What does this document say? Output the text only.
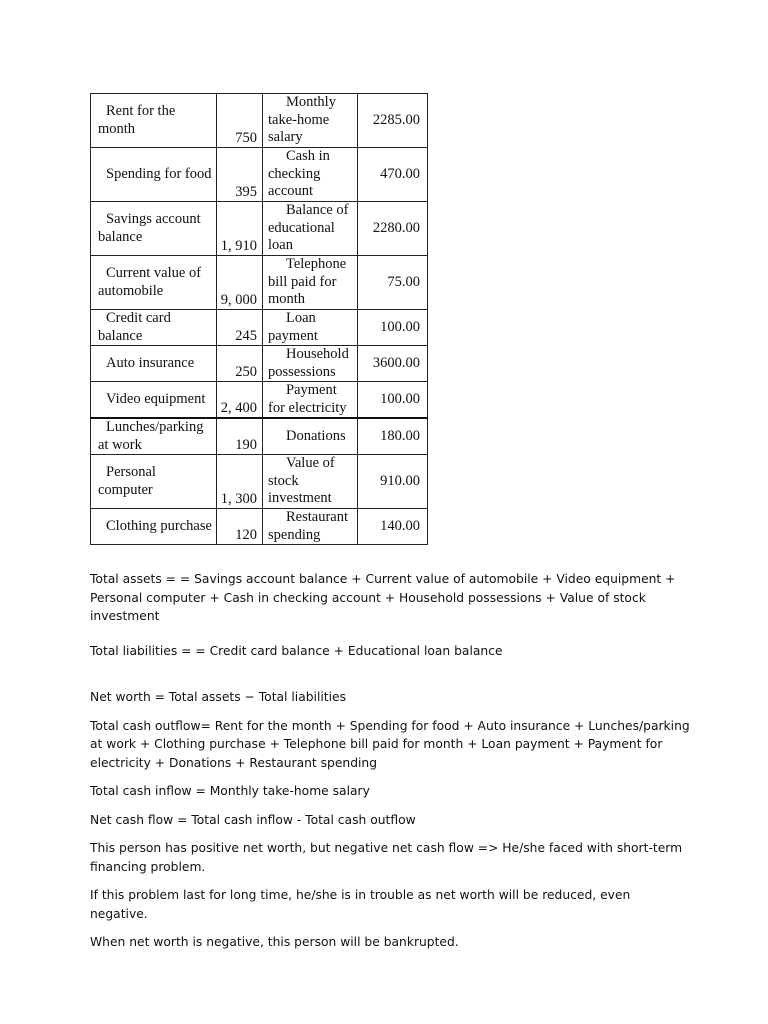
Rent for the month	750	Monthly take-home salary	2285.00

Spending for food	395	Cash in checking account	470.00

Savings account balance	1, 910	Balance of educational loan	2280.00

Current value of automobile	9, 000	Telephone bill paid for month	75.00

Credit card balance	245	Loan payment	100.00

Auto insurance	250	Household possessions	3600.00

Video equipment	2, 400	Payment for electricity	100.00

Lunches/parking at work	190	Donations	180.00

Personal computer	1, 300	Value of stock investment	910.00

Clothing purchase	120	Restaurant spending	140.00

Total assets = = Savings account balance + Current value of automobile + Video equipment + Personal computer + Cash in checking account + Household possessions + Value of stock investment

Total liabilities = = Credit card balance + Educational loan balance

Net worth = Total assets − Total liabilities

Total cash outflow= Rent for the month + Spending for food + Auto insurance + Lunches/parking at work + Clothing purchase + Telephone bill paid for month + Loan payment + Payment for electricity + Donations + Restaurant spending

Total cash inflow = Monthly take-home salary

Net cash flow = Total cash inflow - Total cash outflow

This person has positive net worth, but negative net cash flow => He/she faced with short-term financing problem.

If this problem last for long time, he/she is in trouble as net worth will be reduced, even negative.

When net worth is negative, this person will be bankrupted.
